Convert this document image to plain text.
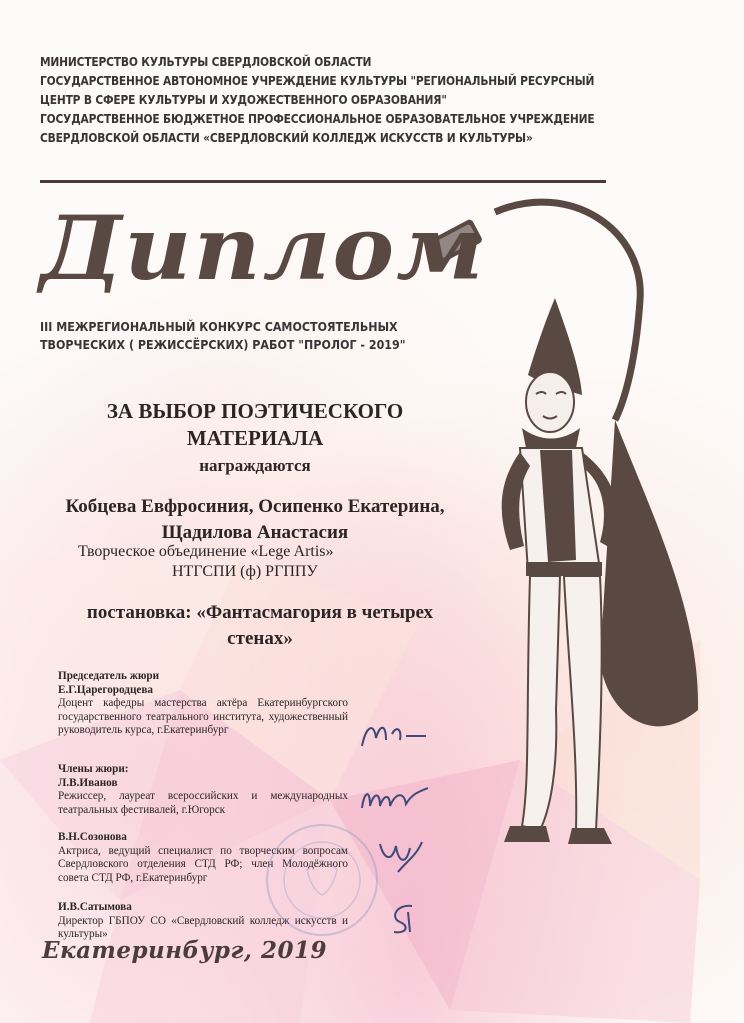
МИНИСТЕРСТВО КУЛЬТУРЫ СВЕРДЛОВСКОЙ ОБЛАСТИ
ГОСУДАРСТВЕННОЕ АВТОНОМНОЕ УЧРЕЖДЕНИЕ КУЛЬТУРЫ "РЕГИОНАЛЬНЫЙ РЕСУРСНЫЙ
ЦЕНТР В СФЕРЕ КУЛЬТУРЫ И ХУДОЖЕСТВЕННОГО ОБРАЗОВАНИЯ"
ГОСУДАРСТВЕННОЕ БЮДЖЕТНОЕ ПРОФЕССИОНАЛЬНОЕ ОБРАЗОВАТЕЛЬНОЕ УЧРЕЖДЕНИЕ
СВЕРДЛОВСКОЙ ОБЛАСТИ «СВЕРДЛОВСКИЙ КОЛЛЕДЖ ИСКУССТВ И КУЛЬТУРЫ»
Диплом
III МЕЖРЕГИОНАЛЬНЫЙ КОНКУРС САМОСТОЯТЕЛЬНЫХ
ТВОРЧЕСКИХ ( РЕЖИССЁРСКИХ) РАБОТ "ПРОЛОГ - 2019"
ЗА ВЫБОР ПОЭТИЧЕСКОГО
МАТЕРИАЛА
награждаются
Кобцева Евфросиния, Осипенко Екатерина,
Щадилова Анастасия
Творческое объединение «Lege Artis»
НТГСПИ (ф) РГППУ
постановка: «Фантасмагория в четырех
стенах»
Председатель жюри
Е.Г.Царегородцева
Доцент кафедры мастерства актёра Екатеринбургского государственного театрального института, художественный руководитель курса, г.Екатеринбург
Члены жюри:
Л.В.Иванов
Режиссер, лауреат всероссийских и международных театральных фестивалей, г.Югорск
В.Н.Созонова
Актриса, ведущий специалист по творческим вопросам Свердловского отделения СТД РФ; член Молодёжного совета СТД РФ, г.Екатеринбург
И.В.Сатымова
Директор ГБПОУ СО «Свердловский колледж искусств и культуры»
Екатеринбург, 2019
